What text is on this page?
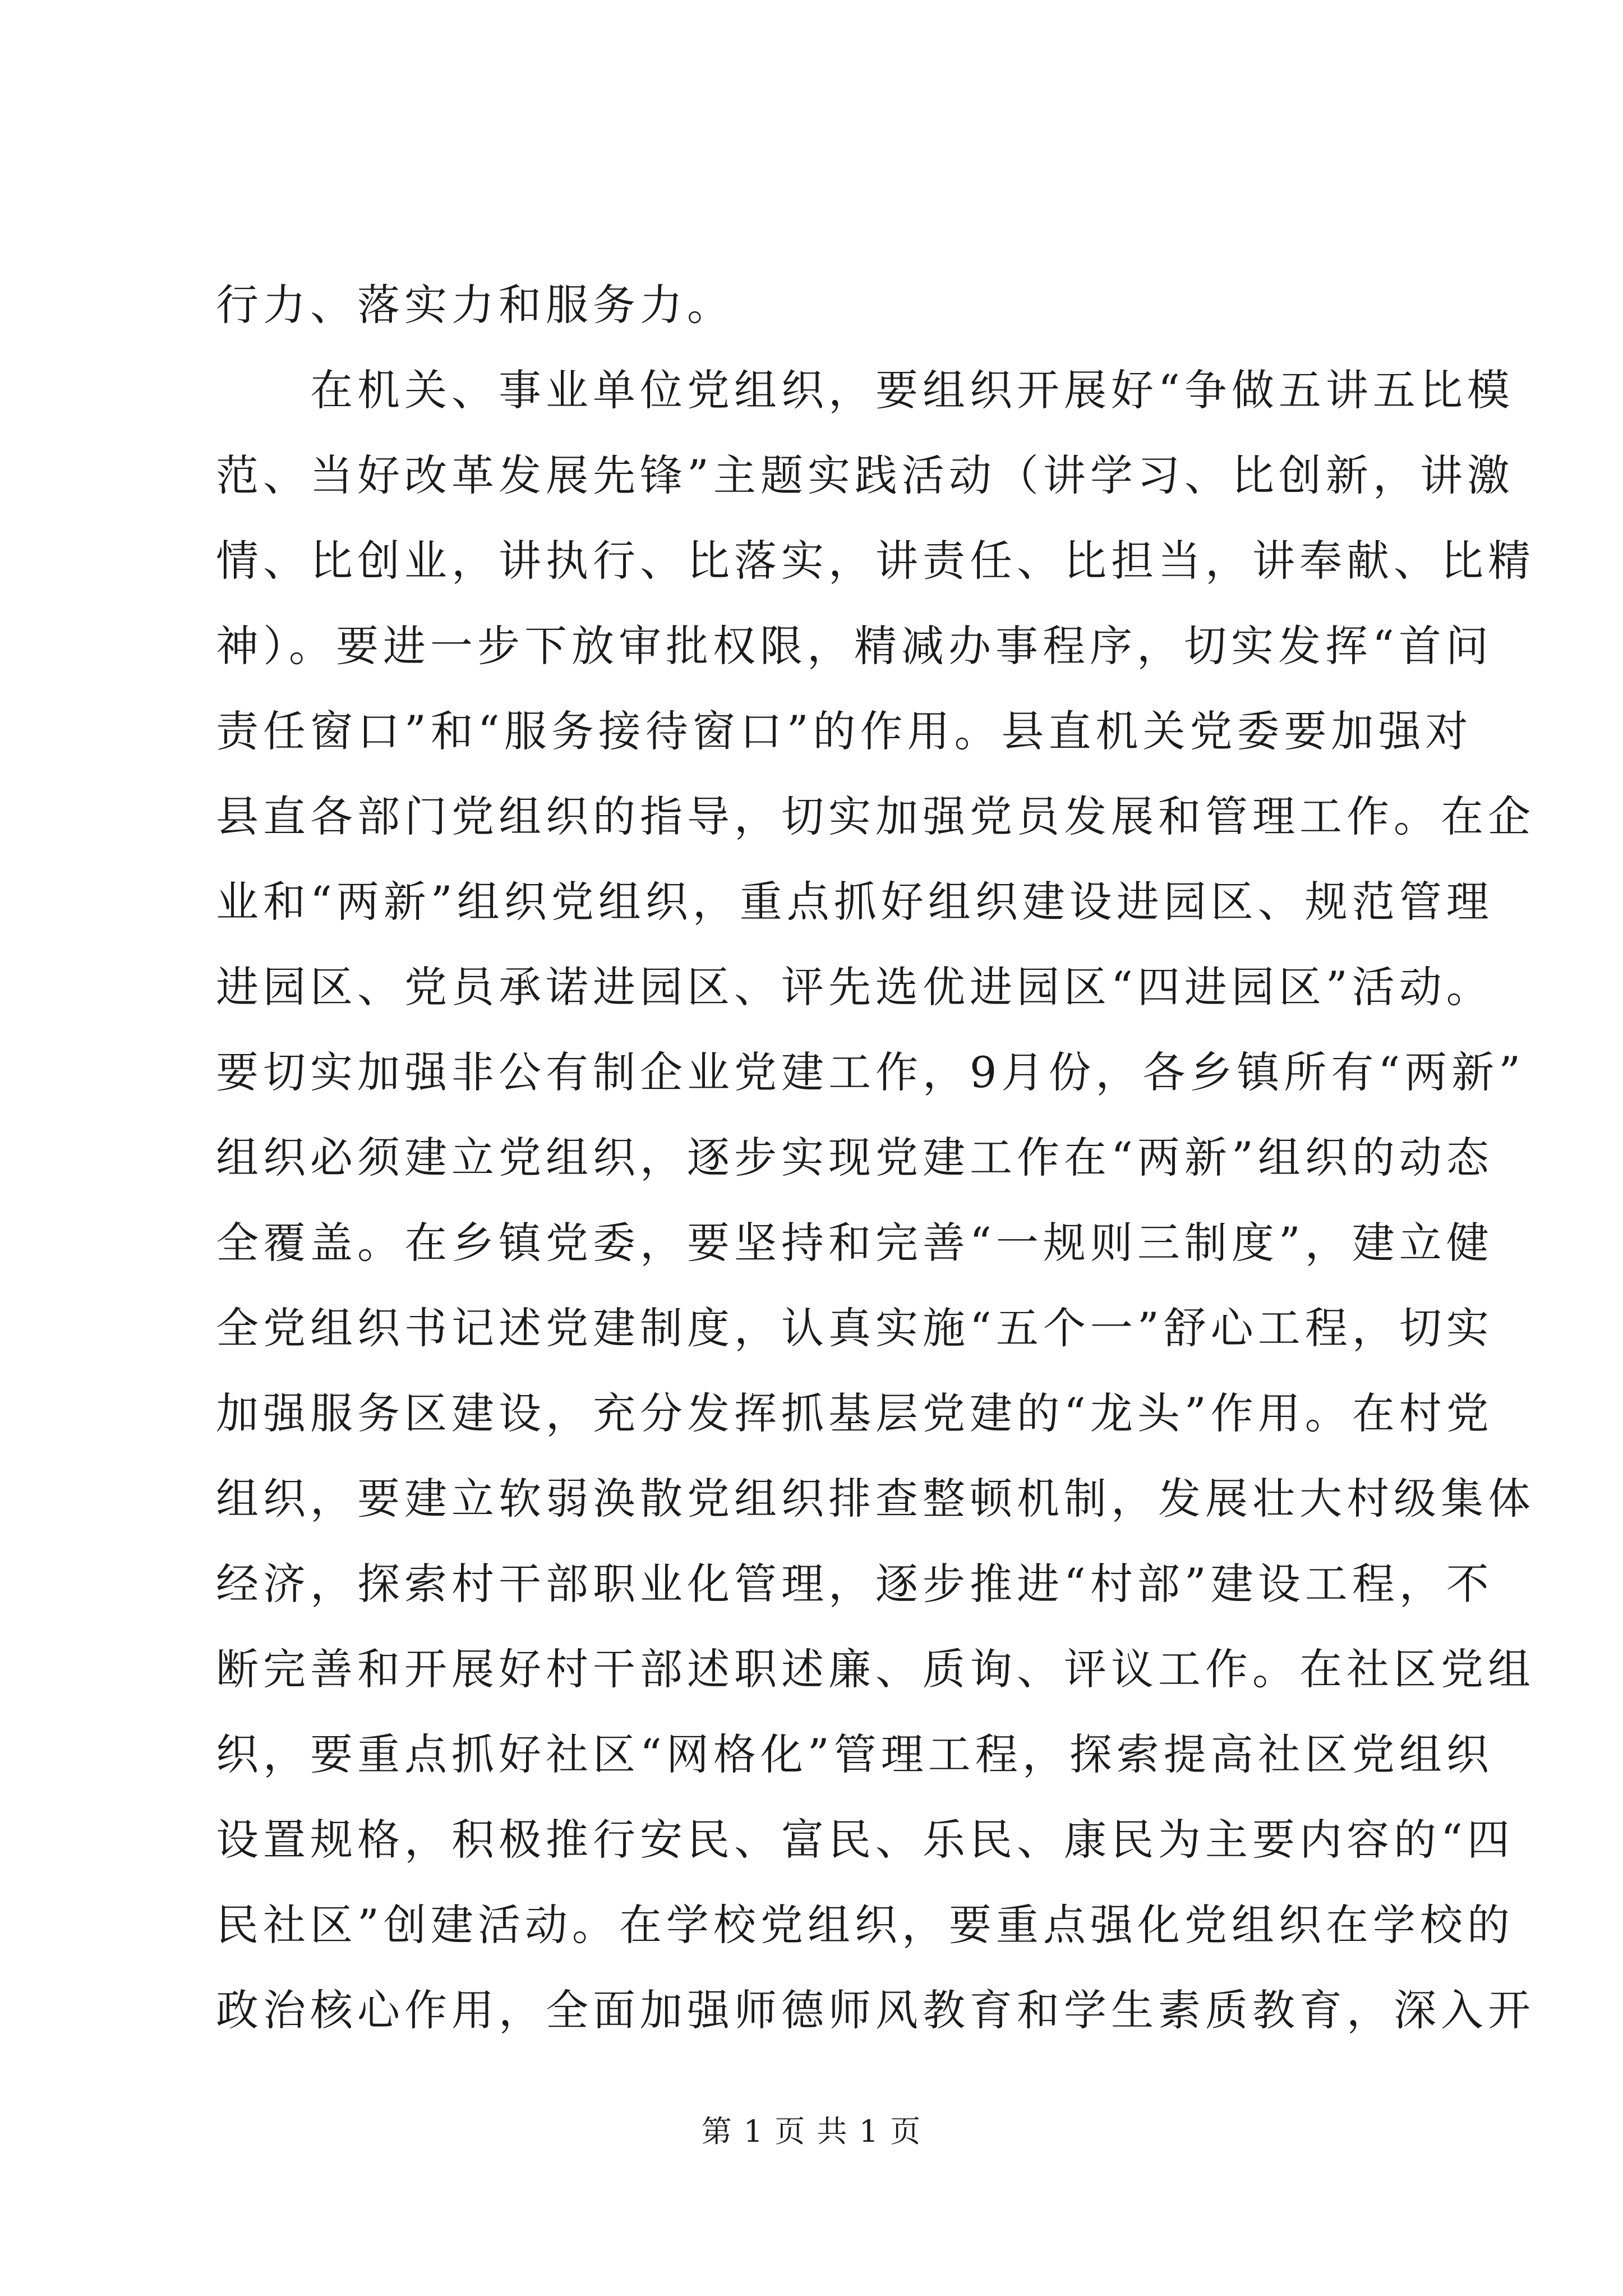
行力、落实力和服务力。
在机关、事业单位党组织，要组织开展好“争做五讲五比模
范、当好改革发展先锋”主题实践活动（讲学习、比创新，讲激
情、比创业，讲执行、比落实，讲责任、比担当，讲奉献、比精
神）。要进一步下放审批权限，精减办事程序，切实发挥“首问
责任窗口”和“服务接待窗口”的作用。县直机关党委要加强对
县直各部门党组织的指导，切实加强党员发展和管理工作。在企
业和“两新”组织党组织，重点抓好组织建设进园区、规范管理
进园区、党员承诺进园区、评先选优进园区“四进园区”活动。
要切实加强非公有制企业党建工作，9月份，各乡镇所有“两新”
组织必须建立党组织，逐步实现党建工作在“两新”组织的动态
全覆盖。在乡镇党委，要坚持和完善“一规则三制度”，建立健
全党组织书记述党建制度，认真实施“五个一”舒心工程，切实
加强服务区建设，充分发挥抓基层党建的“龙头”作用。在村党
组织，要建立软弱涣散党组织排查整顿机制，发展壮大村级集体
经济，探索村干部职业化管理，逐步推进“村部”建设工程，不
断完善和开展好村干部述职述廉、质询、评议工作。在社区党组
织，要重点抓好社区“网格化”管理工程，探索提高社区党组织
设置规格，积极推行安民、富民、乐民、康民为主要内容的“四
民社区”创建活动。在学校党组织，要重点强化党组织在学校的
政治核心作用，全面加强师德师风教育和学生素质教育，深入开
第 1 页 共 1 页
